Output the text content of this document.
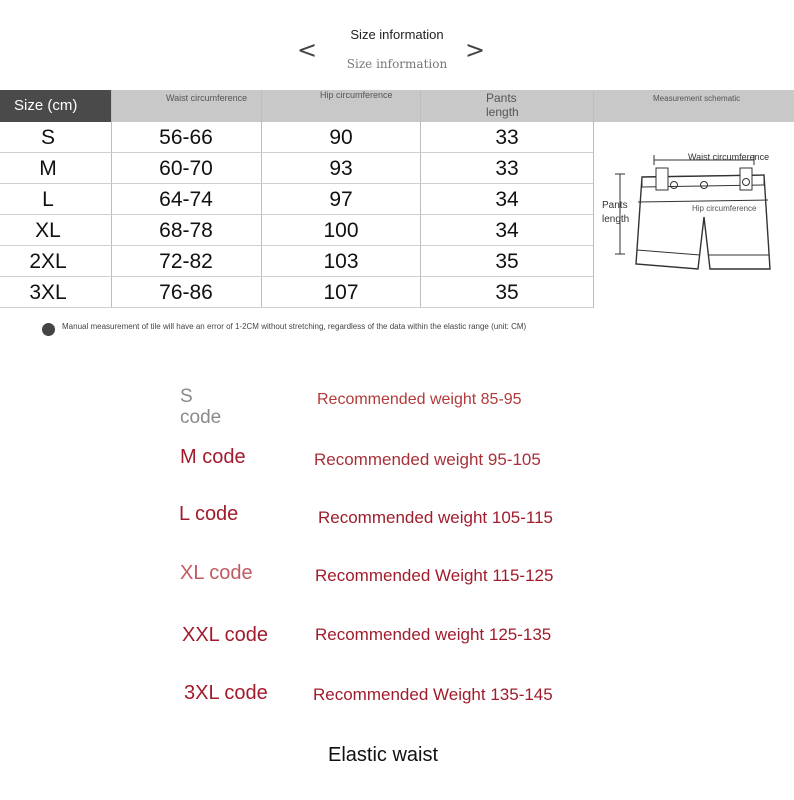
Size information
<	>
Size information
Size (cm)	Waist circumference	Hip circumference	Pants
length
Measurement schematic
S	56-66	90	33
M	60-70	93	33
L	64-74	97	34
XL	68-78	100	34
2XL	72-82	103	35
3XL	76-86	107	35
Waist circumference
Hip circumference
Pants
length
Manual measurement of tile will have an error of 1-2CM without stretching, regardless of the data within the elastic range (unit: CM)
S
code
Recommended weight 85-95
M code	Recommended weight 95-105
L code	Recommended weight 105-115
XL code	Recommended Weight 115-125
XXL code	Recommended weight 125-135
3XL code	Recommended Weight 135-145
Elastic waist
